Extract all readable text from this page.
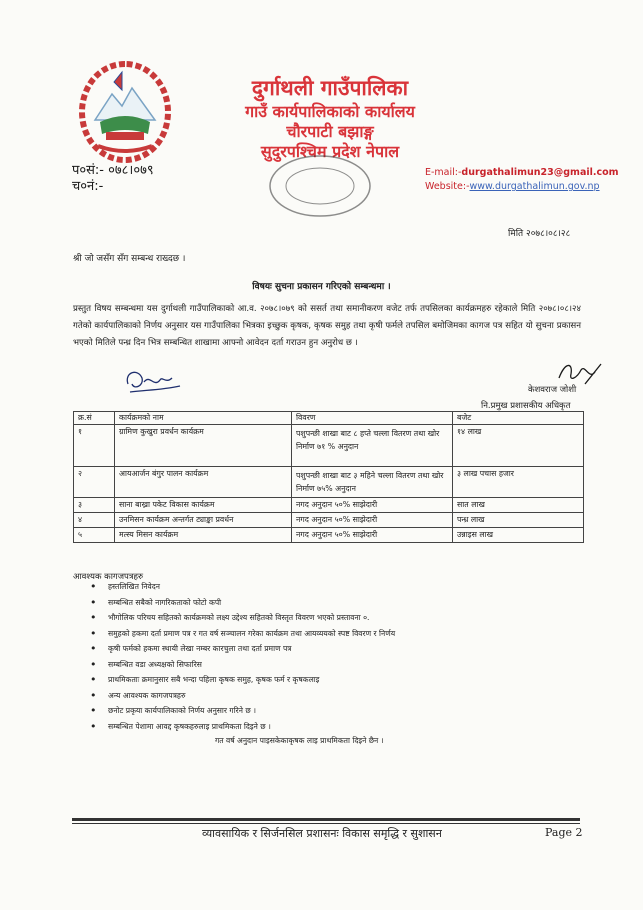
दुर्गाथली गाउँपालिका
गाउँ कार्यपालिकाको कार्यालय
चौरपाटी बझाङ्ग
सुदुरपश्चिम प्रदेश नेपाल
प०सं:- ०७८।०७९
च०नं:-
E-mail:-durgathalimun23@gmail.com
Website:-www.durgathalimun.gov.np
मिति २०७८।०८।२८
श्री जो जसँग सँग सम्बन्ध राख्दछ ।
विषयः सुचना प्रकासन गरिएको सम्बन्धमा ।
प्रस्तुत विषय सम्बन्धमा यस दुर्गाथली गाउँपालिकाको आ.व. २०७८।०७९ को ससर्त तथा समानीकरण वजेट तर्फ तपसिलका कार्यक्रमहरु रहेकाले मिति २०७८।०८।२४ गतेको कार्यपालिकाको निर्णय अनुसार यस गाउँपालिका भित्रका इच्छुक कृषक, कृषक समुह तथा कृषी फर्मले तपसिल बमोजिमका कागज पत्र सहित यो सुचना प्रकासन भएको मितिले पन्ध्र दिन भित्र सम्बन्धित शाखामा आफ्नो आवेदन दर्ता गराउन हुन अनुरोध छ ।
केशवराज जोशी
नि.प्रमुख प्रशासकीय अधिकृत
क्र.सं	कार्यक्रमको नाम	विवरण	बजेट
१	ग्रामिण कुखुरा प्रवर्धन कार्यक्रम	पशुपन्छी शाखा बाट ८ हप्ते चल्ला वितरण तथा खोर निर्माण ७१ % अनुदान	१४ लाख
२	आयआर्जन बंगुर पालन कार्यक्रम	पशुपन्छी शाखा बाट ३ महिने चल्ला वितरण तथा खोर निर्माण ७५% अनुदान	३ लाख पचास हजार
३	साना बाख्रा पकेट विकास कार्यक्रम	नगद अनुदान ५०% साझेदारी	सात लाख
४	उनमिसन कार्यक्रम अन्तर्गत ट्याङ्का प्रवर्धन	नगद अनुदान ५०% साझेदारी	पन्ध्र लाख
५	मत्स्य मिसन कार्यक्रम	नगद अनुदान ५०% साझेदारी	उन्नाइस लाख
आवश्यक कागजपत्रहरु
• हस्तलिखित निवेदन
• सम्बन्धित सबैको नागरिकताको फोटो कपी
• भौगोलिक परिचय सहितको कार्यक्रमको लक्ष्य उद्देश्य सहितको विस्तृत विवरण भएको प्रस्तावना ०.
• समुहको हकमा दर्ता प्रमाण पत्र र गत वर्ष सञ्चालन गरेका कार्यक्रम तथा आयव्ययको स्पष्ट विवरण र निर्णय
• कृषी फर्मको हकमा स्थायी लेखा नम्बर कारचुला तथा दर्ता प्रमाण पत्र
• सम्बन्धित वडा अध्यक्षको सिफारिस
• प्राथमिकताः क्रमानुसार सबै भन्दा पहिला कृषक समुह, कृषक फर्म र कृषकलाइ
• अन्य आवश्यक कागजपत्रहरु
• छनोट प्रकृया कार्यपालिकाको निर्णय अनुसार गरिने छ ।
• सम्बन्धित पेशामा आवद्द कृषकहरुलाइ प्राथमिकता दिइने छ ।
गत वर्ष अनुदान पाइसकेकाकृषक लाइ प्राथमिकता दिइने छैन ।
व्यावसायिक र सिर्जनसिल प्रशासनः विकास समृद्धि र सुशासन	Page 2
